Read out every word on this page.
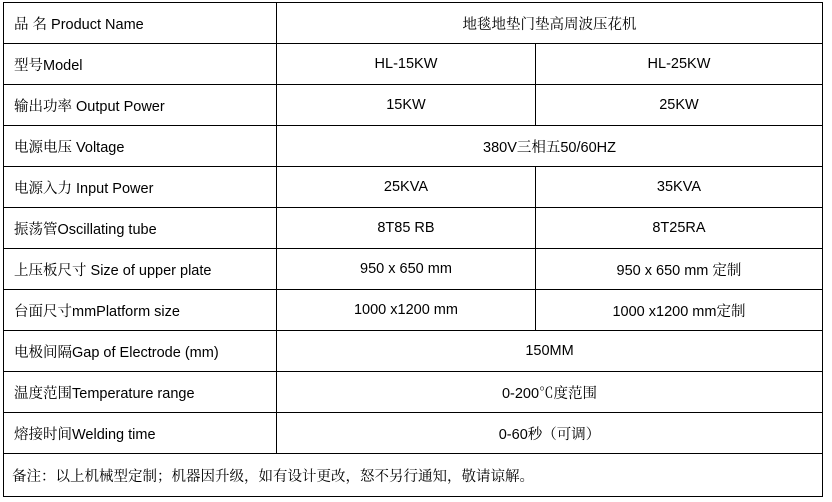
品 名 Product Name	地毯地垫门垫高周波压花机	
型号Model	HL-15KW	HL-25KW
输出功率 Output Power	15KW	25KW
电源电压 Voltage	380V三相五50/60HZ	
电源入力 Input Power	25KVA	35KVA
振荡管Oscillating tube	8T85 RB	8T25RA
上压板尺寸 Size of upper plate	950 x 650 mm	950 x 650 mm 定制
台面尺寸mmPlatform size	1000 x1200 mm	1000 x1200 mm定制
电极间隔Gap of Electrode (mm)	150MM	
温度范围Temperature range	0-200℃度范围	
熔接时间Welding time	0-60秒（可调）	
备注：以上机械型定制；机器因升级，如有设计更改，怒不另行通知，敬请谅解。		
